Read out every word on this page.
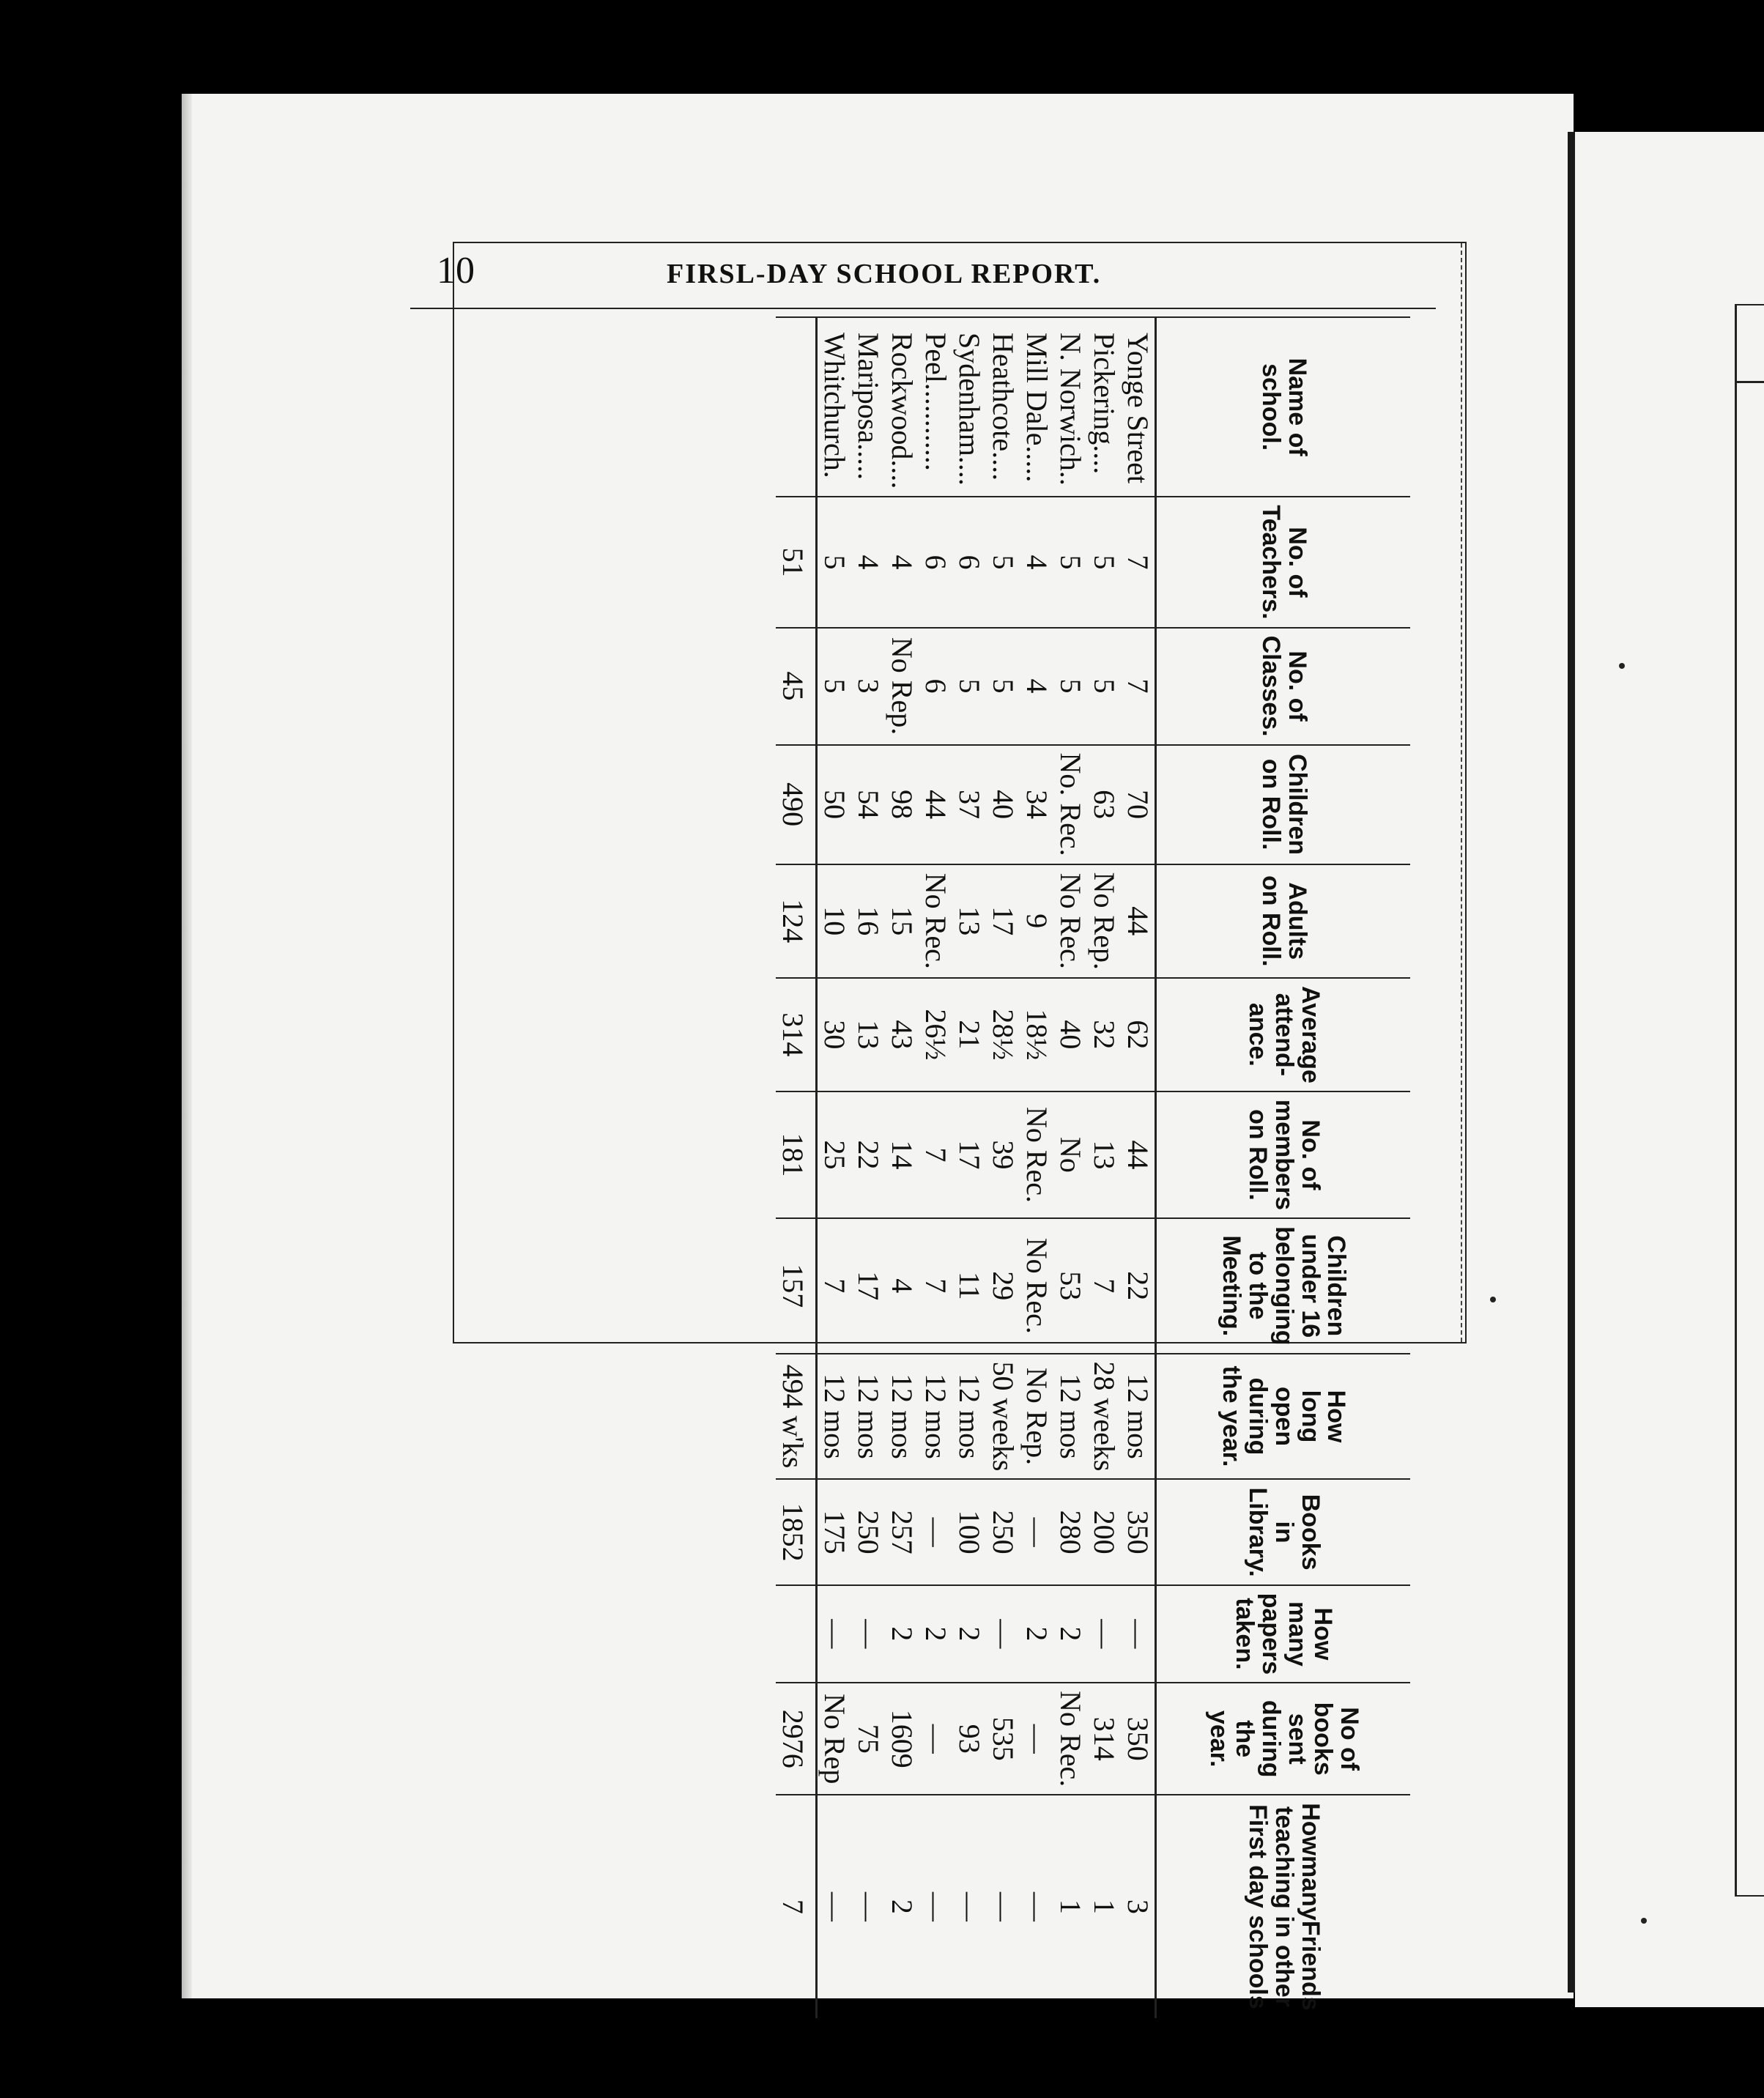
Name of school.	No. of Teachers.	No. of Classes.	Children on Roll.	Adults on Roll.	Average attend-ance.	No. of members on Roll.	Children under 16 belonging to the Meeting.	How long open during the year.	Books in Library.	How many papers taken.	No of books sent during the year.	HowmanyFriends teaching in other First day schools
Yonge Street	7	7	70	44	62	44	22	12 mos	350	—	350	3
Pickering....	5	5	63	No Rep.	32	13	7	28 weeks	200	—	314	1
N. Norwich..	5	5	No. Rec.	No Rec.	40	No	53	12 mos	280	2	No Rec.	1
Mill Dale.....	4	4	34	9	18½	No Rec.	No Rec.	No Rep.	—	2	—	—
Heathcote....	5	5	40	17	28½	39	29	50 weeks	250	—	535	—
Sydenham....	6	5	37	13	21	17	11	12 mos	100	2	93	—
Peel............	6	6	44	No Rec.	26½	7	7	12 mos	—	2	—	—
Rockwood....	4	No Rep.	98	15	43	14	4	12 mos	257	2	1609	2
Mariposa.....	4	3	54	16	13	22	17	12 mos	250	—	75	—
Whitchurch.	5	5	50	10	30	25	7	12 mos	175	—	No Rep	—
	51	45	490	124	314	181	157	494 w'ks	1852		2976	7
10	FIRSL-DAY SCHOOL REPORT.
